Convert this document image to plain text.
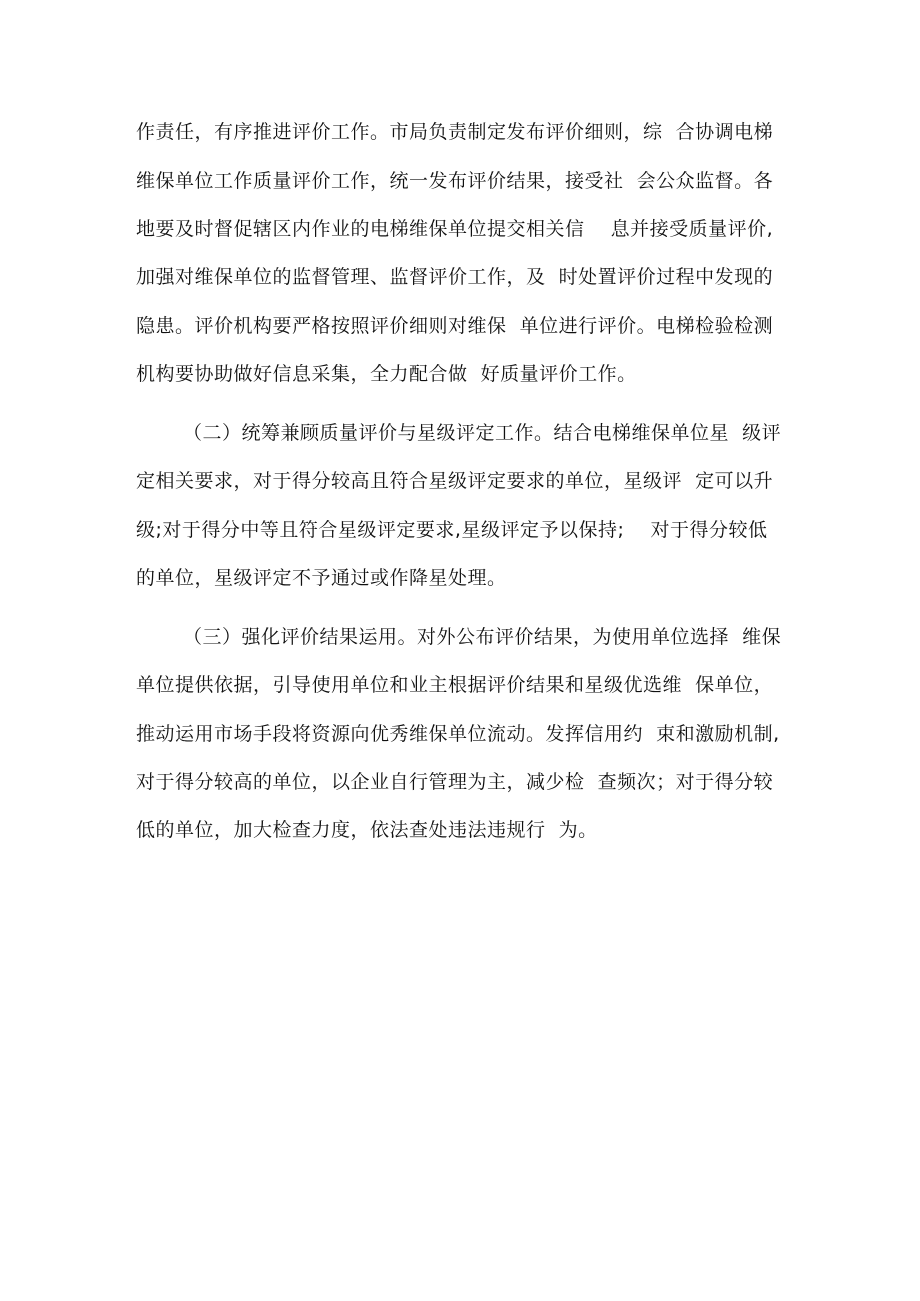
作责任，有序推进评价工作。市局负责制定发布评价细则，综  合协调电梯
维保单位工作质量评价工作，统一发布评价结果，接受社  会公众监督。各
地要及时督促辖区内作业的电梯维保单位提交相关信    息并接受质量评价,
加强对维保单位的监督管理、监督评价工作，及  时处置评价过程中发现的
隐患。评价机构要严格按照评价细则对维保  单位进行评价。电梯检验检测
机构要协助做好信息采集，全力配合做  好质量评价工作。
（二）统筹兼顾质量评价与星级评定工作。结合电梯维保单位星  级评
定相关要求，对于得分较高且符合星级评定要求的单位，星级评  定可以升
级;对于得分中等且符合星级评定要求,星级评定予以保持;    对于得分较低
的单位，星级评定不予通过或作降星处理。
（三）强化评价结果运用。对外公布评价结果，为使用单位选择  维保
单位提供依据，引导使用单位和业主根据评价结果和星级优选维  保单位，
推动运用市场手段将资源向优秀维保单位流动。发挥信用约  束和激励机制,
对于得分较高的单位，以企业自行管理为主，减少检  查频次；对于得分较
低的单位，加大检查力度，依法查处违法违规行  为。
